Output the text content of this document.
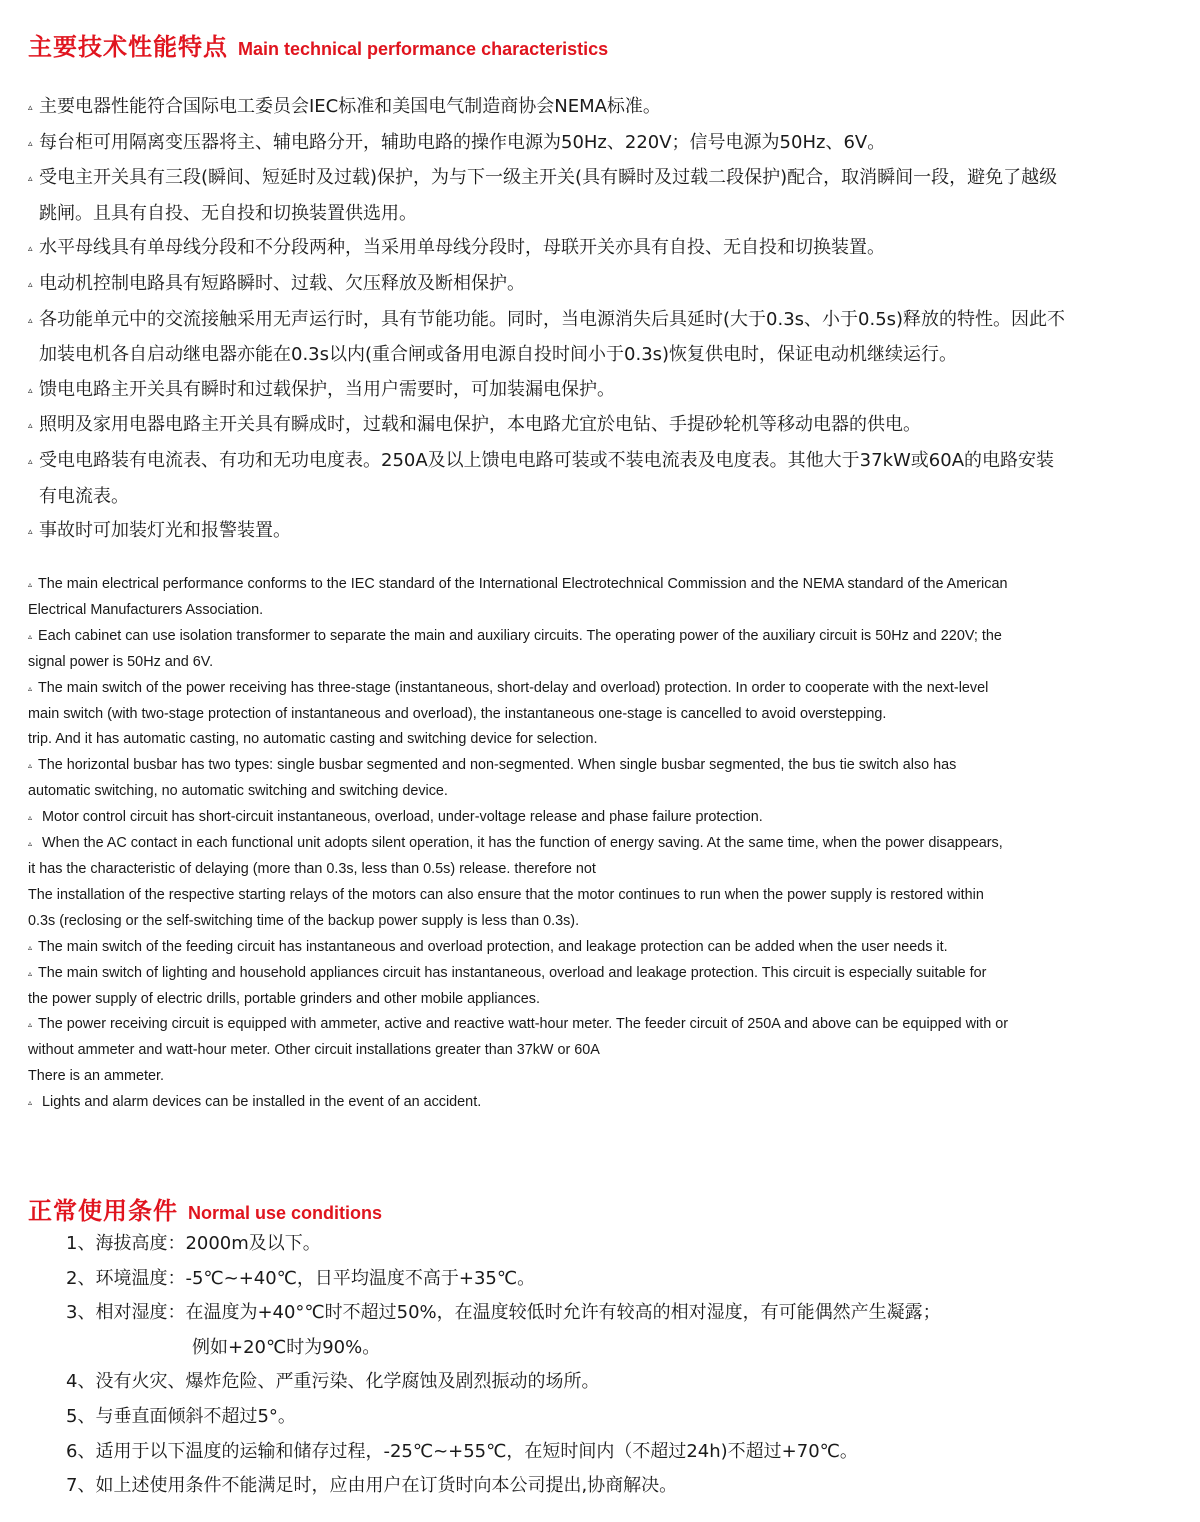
主要技术性能特点 Main technical performance characteristics
▵ 主要电器性能符合国际电工委员会IEC标准和美国电气制造商协会NEMA标准。
▵ 每台柜可用隔离变压器将主、辅电路分开，辅助电路的操作电源为50Hz、220V；信号电源为50Hz、6V。
▵ 受电主开关具有三段(瞬间、短延时及过载)保护，为与下一级主开关(具有瞬时及过载二段保护)配合，取消瞬间一段，避免了越级
跳闸。且具有自投、无自投和切换装置供选用。
▵ 水平母线具有单母线分段和不分段两种，当采用单母线分段时，母联开关亦具有自投、无自投和切换装置。
▵ 电动机控制电路具有短路瞬时、过载、欠压释放及断相保护。
▵ 各功能单元中的交流接触采用无声运行时，具有节能功能。同时，当电源消失后具延时(大于0.3s、小于0.5s)释放的特性。因此不
加装电机各自启动继电器亦能在0.3s以内(重合闸或备用电源自投时间小于0.3s)恢复供电时，保证电动机继续运行。
▵ 馈电电路主开关具有瞬时和过载保护，当用户需要时，可加装漏电保护。
▵ 照明及家用电器电路主开关具有瞬成时，过载和漏电保护，本电路尤宜於电钻、手提砂轮机等移动电器的供电。
▵ 受电电路装有电流表、有功和无功电度表。250A及以上馈电电路可装或不装电流表及电度表。其他大于37kW或60A的电路安装
有电流表。
▵ 事故时可加装灯光和报警装置。
▵ The main electrical performance conforms to the IEC standard of the International Electrotechnical Commission and the NEMA standard of the American
Electrical Manufacturers Association.
▵ Each cabinet can use isolation transformer to separate the main and auxiliary circuits. The operating power of the auxiliary circuit is 50Hz and 220V; the
signal power is 50Hz and 6V.
▵ The main switch of the power receiving has three-stage (instantaneous, short-delay and overload) protection. In order to cooperate with the next-level
main switch (with two-stage protection of instantaneous and overload), the instantaneous one-stage is cancelled to avoid overstepping.
trip. And it has automatic casting, no automatic casting and switching device for selection.
▵ The horizontal busbar has two types: single busbar segmented and non-segmented. When single busbar segmented, the bus tie switch also has
automatic switching, no automatic switching and switching device.
▵ Motor control circuit has short-circuit instantaneous, overload, under-voltage release and phase failure protection.
▵ When the AC contact in each functional unit adopts silent operation, it has the function of energy saving. At the same time, when the power disappears,
it has the characteristic of delaying (more than 0.3s, less than 0.5s) release. therefore not
The installation of the respective starting relays of the motors can also ensure that the motor continues to run when the power supply is restored within
0.3s (reclosing or the self-switching time of the backup power supply is less than 0.3s).
▵ The main switch of the feeding circuit has instantaneous and overload protection, and leakage protection can be added when the user needs it.
▵ The main switch of lighting and household appliances circuit has instantaneous, overload and leakage protection. This circuit is especially suitable for
the power supply of electric drills, portable grinders and other mobile appliances.
▵ The power receiving circuit is equipped with ammeter, active and reactive watt-hour meter. The feeder circuit of 250A and above can be equipped with or
without ammeter and watt-hour meter. Other circuit installations greater than 37kW or 60A
There is an ammeter.
▵ Lights and alarm devices can be installed in the event of an accident.
正常使用条件 Normal use conditions
1、海拔高度：2000m及以下。
2、环境温度：-5℃~+40℃，日平均温度不高于+35℃。
3、相对湿度：在温度为+40°℃时不超过50%，在温度较低时允许有较高的相对湿度，有可能偶然产生凝露；
例如+20℃时为90%。
4、没有火灾、爆炸危险、严重污染、化学腐蚀及剧烈振动的场所。
5、与垂直面倾斜不超过5°。
6、适用于以下温度的运输和储存过程，-25℃~+55℃，在短时间内（不超过24h)不超过+70℃。
7、如上述使用条件不能满足时，应由用户在订货时向本公司提出,协商解决。
